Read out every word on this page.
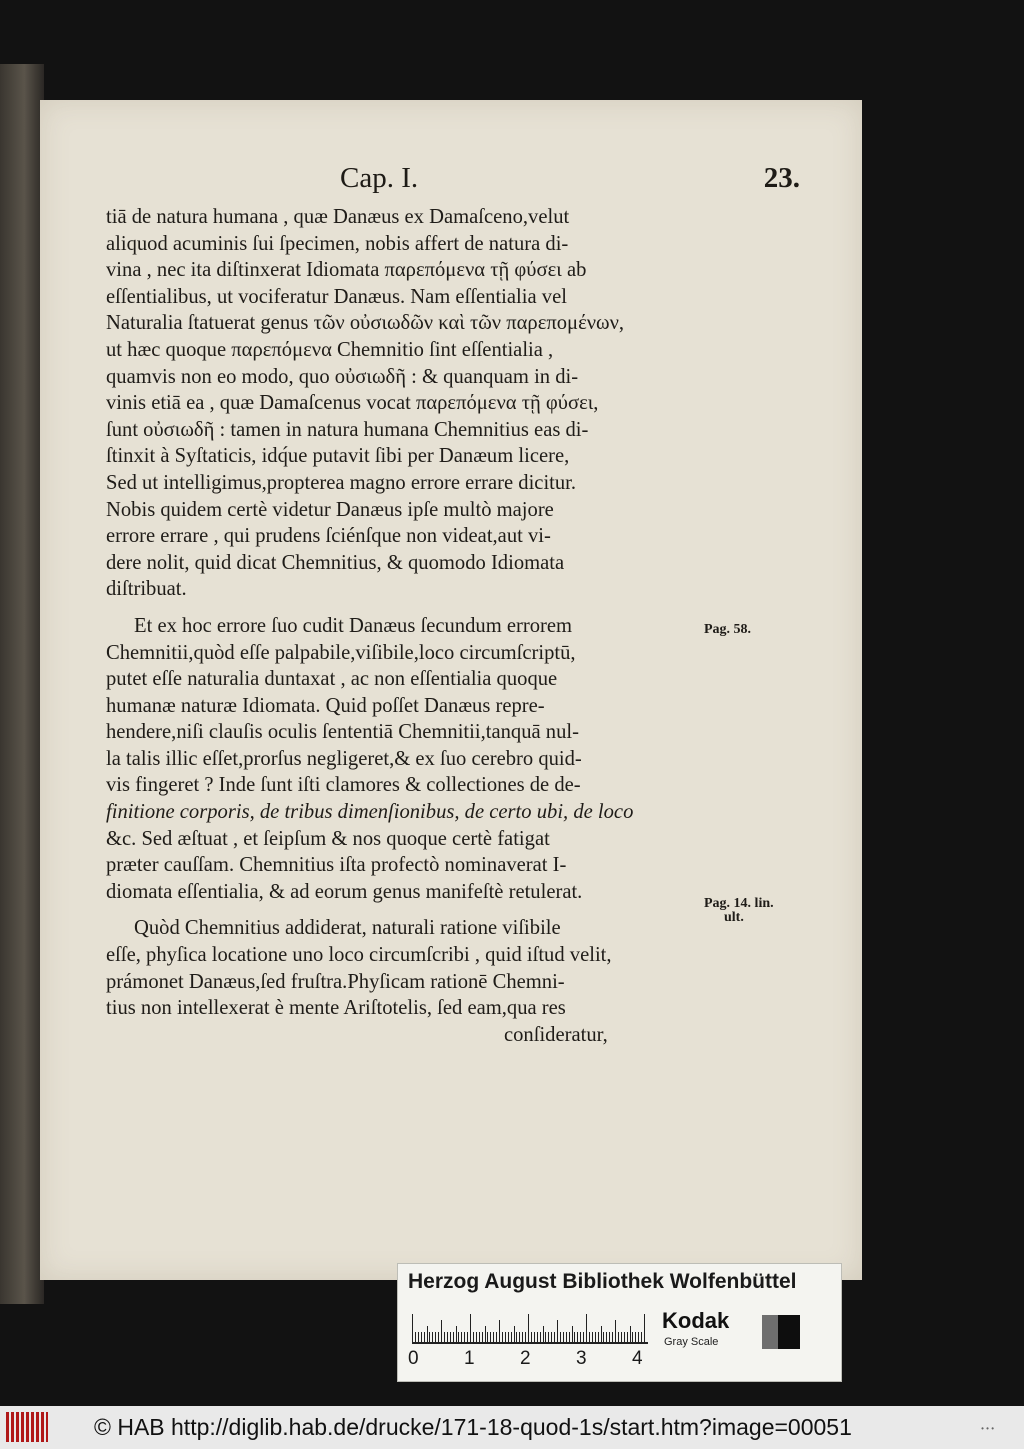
Cap. I.	23.
tiā de natura humana , quæ Danæus ex Damaſceno,velut
aliquod acuminis ſui ſpecimen, nobis affert de natura di-
vina , nec ita diſtinxerat Idiomata παρεπόμενα τῇ φύσει ab
eſſentialibus, ut vociferatur Danæus. Nam eſſentialia vel
Naturalia ſtatuerat genus τῶν οὐσιωδῶν καὶ τῶν παρεπομένων,
ut hæc quoque παρεπόμενα Chemnitio ſint eſſentialia ,
quamvis non eo modo, quo οὐσιωδῆ : & quanquam in di-
vinis etiā ea , quæ Damaſcenus vocat παρεπόμενα τῇ φύσει,
ſunt οὐσιωδῆ : tamen in natura humana Chemnitius eas di-
ſtinxit à Syſtaticis, idq́ue putavit ſibi per Danæum licere,
Sed ut intelligimus,propterea magno errore errare dicitur.
Nobis quidem certè videtur Danæus ipſe multò majore
errore errare , qui prudens ſciénſque non videat,aut vi-
dere nolit, quid dicat Chemnitius, & quomodo Idiomata
diſtribuat.
Et ex hoc errore ſuo cudit Danæus ſecundum errorem
Chemnitii,quòd eſſe palpabile,viſibile,loco circumſcriptū,
putet eſſe naturalia duntaxat , ac non eſſentialia quoque
humanæ naturæ Idiomata. Quid poſſet Danæus repre-
hendere,niſi clauſis oculis ſententiā Chemnitii,tanquā nul-
la talis illic eſſet,prorſus negligeret,& ex ſuo cerebro quid-
vis fingeret ? Inde ſunt iſti clamores & collectiones de de-
finitione corporis, de tribus dimenſionibus, de certo ubi, de loco
&c. Sed æſtuat , et ſeipſum & nos quoque certè fatigat
præter cauſſam. Chemnitius iſta profectò nominaverat I-
diomata eſſentialia, & ad eorum genus manifeſtè retulerat.
Quòd Chemnitius addiderat, naturali ratione viſibile
eſſe, phyſica locatione uno loco circumſcribi , quid iſtud velit,
prámonet Danæus,ſed fruſtra.Phyſicam rationē Chemni-
tius non intellexerat è mente Ariſtotelis, ſed eam,qua res
conſideratur,
Pag. 58.
Pag. 14. lin.
ult.
Herzog August Bibliothek Wolfenbüttel
0 1 2 3 4
Kodak
Gray Scale
© HAB http://diglib.hab.de/drucke/171-18-quod-1s/start.htm?image=00051	• • •
